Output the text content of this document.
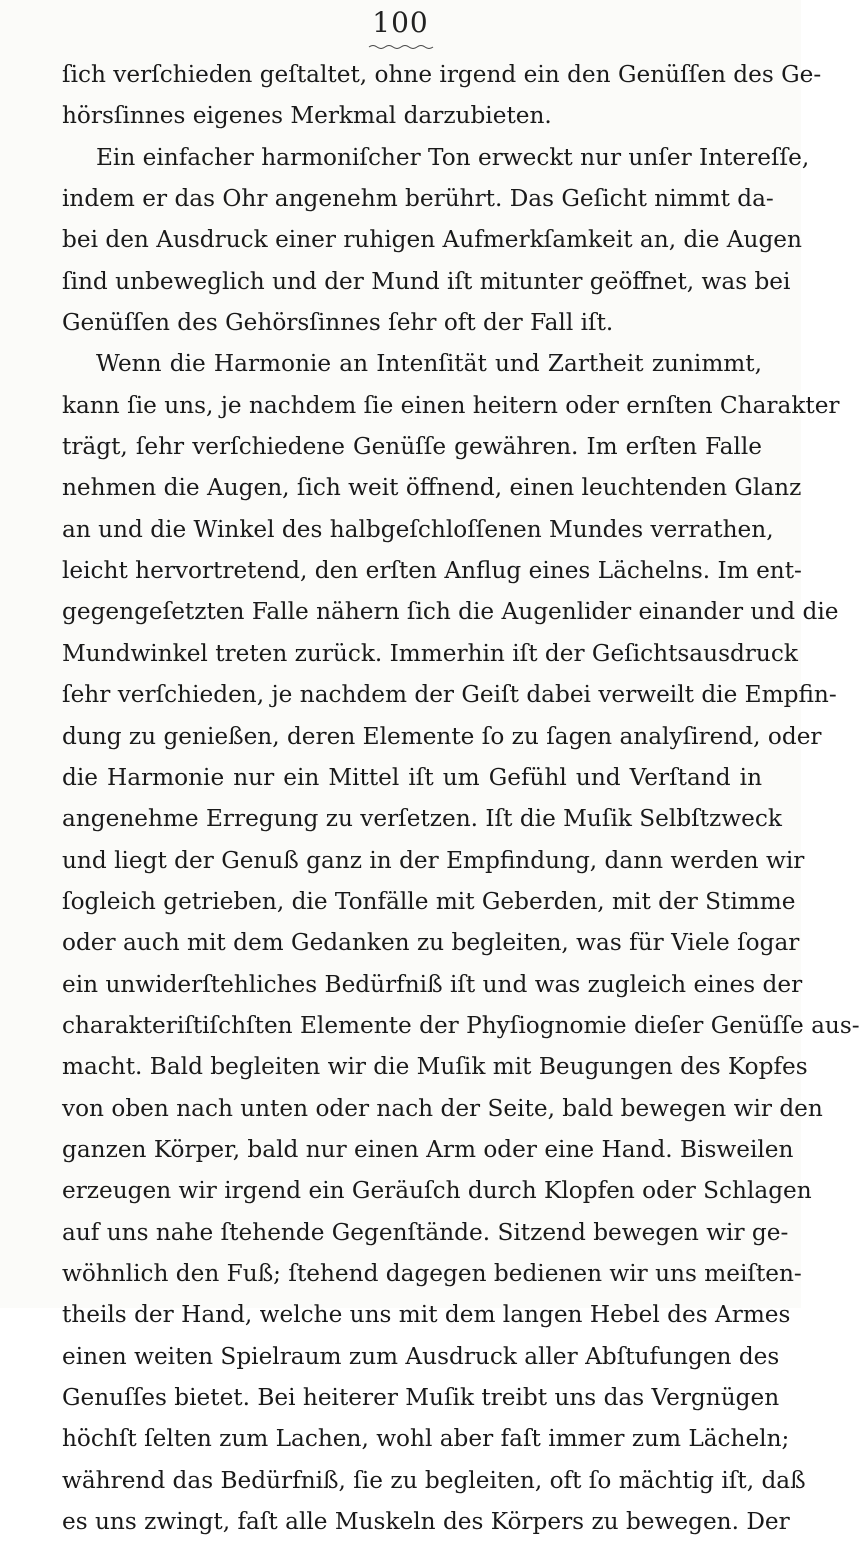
100
ſich verſchieden geſtaltet, ohne irgend ein den Genüſſen des Ge-
hörsſinnes eigenes Merkmal darzubieten.
Ein einfacher harmoniſcher Ton erweckt nur unſer Intereſſe,
indem er das Ohr angenehm berührt. Das Geſicht nimmt da-
bei den Ausdruck einer ruhigen Aufmerkſamkeit an, die Augen
ſind unbeweglich und der Mund iſt mitunter geöffnet, was bei
Genüſſen des Gehörsſinnes ſehr oft der Fall iſt.
Wenn die Harmonie an Intenſität und Zartheit zunimmt,
kann ſie uns, je nachdem ſie einen heitern oder ernſten Charakter
trägt, ſehr verſchiedene Genüſſe gewähren. Im erſten Falle
nehmen die Augen, ſich weit öffnend, einen leuchtenden Glanz
an und die Winkel des halbgeſchloſſenen Mundes verrathen,
leicht hervortretend, den erſten Anflug eines Lächelns. Im ent-
gegengeſetzten Falle nähern ſich die Augenlider einander und die
Mundwinkel treten zurück. Immerhin iſt der Geſichtsausdruck
ſehr verſchieden, je nachdem der Geiſt dabei verweilt die Empfin-
dung zu genießen, deren Elemente ſo zu ſagen analyſirend, oder
die Harmonie nur ein Mittel iſt um Gefühl und Verſtand in
angenehme Erregung zu verſetzen. Iſt die Muſik Selbſtzweck
und liegt der Genuß ganz in der Empfindung, dann werden wir
ſogleich getrieben, die Tonfälle mit Geberden, mit der Stimme
oder auch mit dem Gedanken zu begleiten, was für Viele ſogar
ein unwiderſtehliches Bedürfniß iſt und was zugleich eines der
charakteriſtiſchſten Elemente der Phyſiognomie dieſer Genüſſe aus-
macht. Bald begleiten wir die Muſik mit Beugungen des Kopfes
von oben nach unten oder nach der Seite, bald bewegen wir den
ganzen Körper, bald nur einen Arm oder eine Hand. Bisweilen
erzeugen wir irgend ein Geräuſch durch Klopfen oder Schlagen
auf uns nahe ſtehende Gegenſtände. Sitzend bewegen wir ge-
wöhnlich den Fuß; ſtehend dagegen bedienen wir uns meiſten-
theils der Hand, welche uns mit dem langen Hebel des Armes
einen weiten Spielraum zum Ausdruck aller Abſtufungen des
Genuſſes bietet. Bei heiterer Muſik treibt uns das Vergnügen
höchſt ſelten zum Lachen, wohl aber faſt immer zum Lächeln;
während das Bedürfniß, ſie zu begleiten, oft ſo mächtig iſt, daß
es uns zwingt, faſt alle Muskeln des Körpers zu bewegen. Der
